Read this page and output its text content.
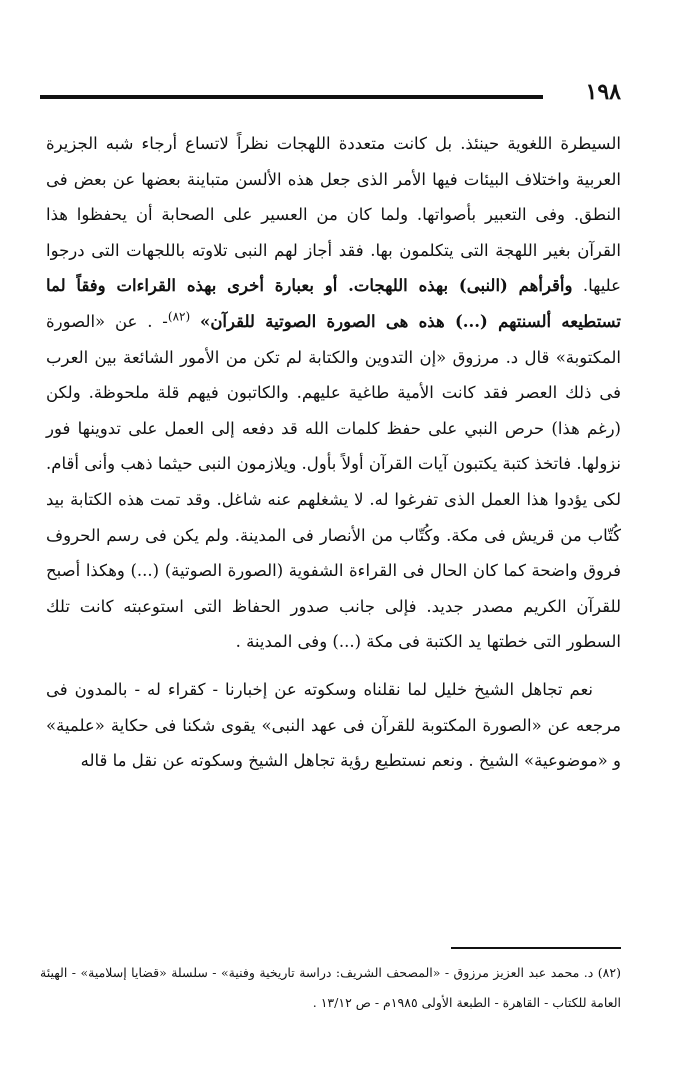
١٩٨

السيطرة اللغوية حينئذ. بل كانت متعددة اللهجات نظراً لاتساع أرجاء شبه الجزيرة العربية واختلاف البيئات فيها الأمر الذى جعل هذه الألسن متباينة بعضها عن بعض فى النطق. وفى التعبير بأصواتها. ولما كان من العسير على الصحابة أن يحفظوا هذا القرآن بغير اللهجة التى يتكلمون بها. فقد أجاز لهم النبى تلاوته باللجهات التى درجوا عليها. وأقرأهم (النبى) بهذه اللهجات. أو بعبارة أخرى بهذه القراءات وفقاً لما تستطيعه ألسنتهم (...) هذه هى الصورة الصوتية للقرآن» $^{(٨٢)}$- . عن «الصورة المكتوبة» قال د. مرزوق «إن التدوين والكتابة لم تكن من الأمور الشائعة بين العرب فى ذلك العصر فقد كانت الأمية طاغية عليهم. والكاتبون فيهم قلة ملحوظة. ولكن (رغم هذا) حرص النبي على حفظ كلمات الله قد دفعه إلى العمل على تدوينها فور نزولها. فاتخذ كتبة يكتبون آيات القرآن أولاً بأول. ويلازمون النبى حيثما ذهب وأنى أقام. لكى يؤدوا هذا العمل الذى تفرغوا له. لا يشغلهم عنه شاغل. وقد تمت هذه الكتابة بيد كُتّاب من قريش فى مكة. وكُتّاب من الأنصار فى المدينة. ولم يكن فى رسم الحروف فروق واضحة كما كان الحال فى القراءة الشفوية (الصورة الصوتية) (...) وهكذا أصبح للقرآن الكريم مصدر جديد. فإلى جانب صدور الحفاظ التى استوعبته كانت تلك السطور التى خطتها يد الكتبة فى مكة (...) وفى المدينة .

نعم تجاهل الشيخ خليل لما نقلناه وسكوته عن إخبارنا - كقراء له - بالمدون فى مرجعه عن «الصورة المكتوبة للقرآن فى عهد النبى» يقوى شكنا فى حكاية «علمية» و «موضوعية» الشيخ . ونعم نستطيع رؤية تجاهل الشيخ وسكوته عن نقل ما قاله

(٨٢) د. محمد عبد العزيز مرزوق - «المصحف الشريف: دراسة تاريخية وفنية» - سلسلة «قضايا إسلامية» - الهيئة العامة للكتاب - القاهرة - الطبعة الأولى ١٩٨٥م - ص ١٣/١٢ .
